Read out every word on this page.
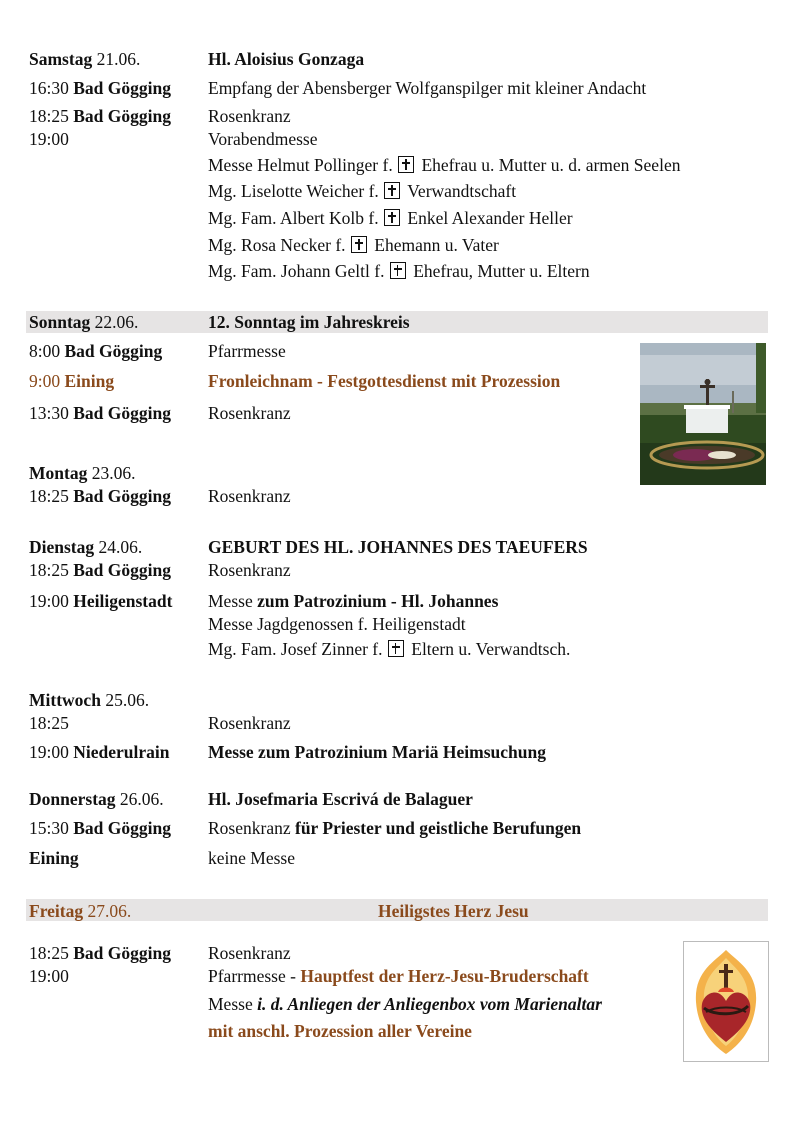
Samstag 21.06.	Hl. Aloisius Gonzaga
16:30 Bad Gögging Empfang der Abensberger Wolfganspilger mit kleiner Andacht
18:25 Bad Gögging Rosenkranz
19:00	Vorabendmesse
Messe Helmut Pollinger f. ☒ Ehefrau u. Mutter u. d. armen Seelen
Mg. Liselotte Weicher f. ☒ Verwandtschaft
Mg. Fam. Albert Kolb f. ☒ Enkel Alexander Heller
Mg. Rosa Necker f. ☒ Ehemann u. Vater
Mg. Fam. Johann Geltl f. ☒ Ehefrau, Mutter u. Eltern
Sonntag 22.06.	12. Sonntag im Jahreskreis
8:00 Bad Gögging	Pfarrmesse
9:00 Eining	Fronleichnam - Festgottesdienst mit Prozession
13:30 Bad Gögging Rosenkranz
Montag 23.06.
18:25 Bad Gögging Rosenkranz
Dienstag 24.06.	GEBURT DES HL. JOHANNES DES TAEUFERS
18:25 Bad Gögging Rosenkranz
19:00 Heiligenstadt Messe zum Patrozinium - Hl. Johannes
Messe Jagdgenossen f. Heiligenstadt
Mg. Fam. Josef Zinner f. ☒ Eltern u. Verwandtsch.
Mittwoch 25.06.
18:25	Rosenkranz
19:00 Niederulrain Messe zum Patrozinium Mariä Heimsuchung
Donnerstag 26.06.	Hl. Josefmaria Escrivá de Balaguer
15:30 Bad Gögging Rosenkranz für Priester und geistliche Berufungen
Eining	keine Messe
Freitag 27.06.	Heiligstes Herz Jesu
18:25 Bad Gögging Rosenkranz
19:00	Pfarrmesse - Hauptfest der Herz-Jesu-Bruderschaft
Messe i. d. Anliegen der Anliegenbox vom Marienaltar
mit anschl. Prozession aller Vereine
